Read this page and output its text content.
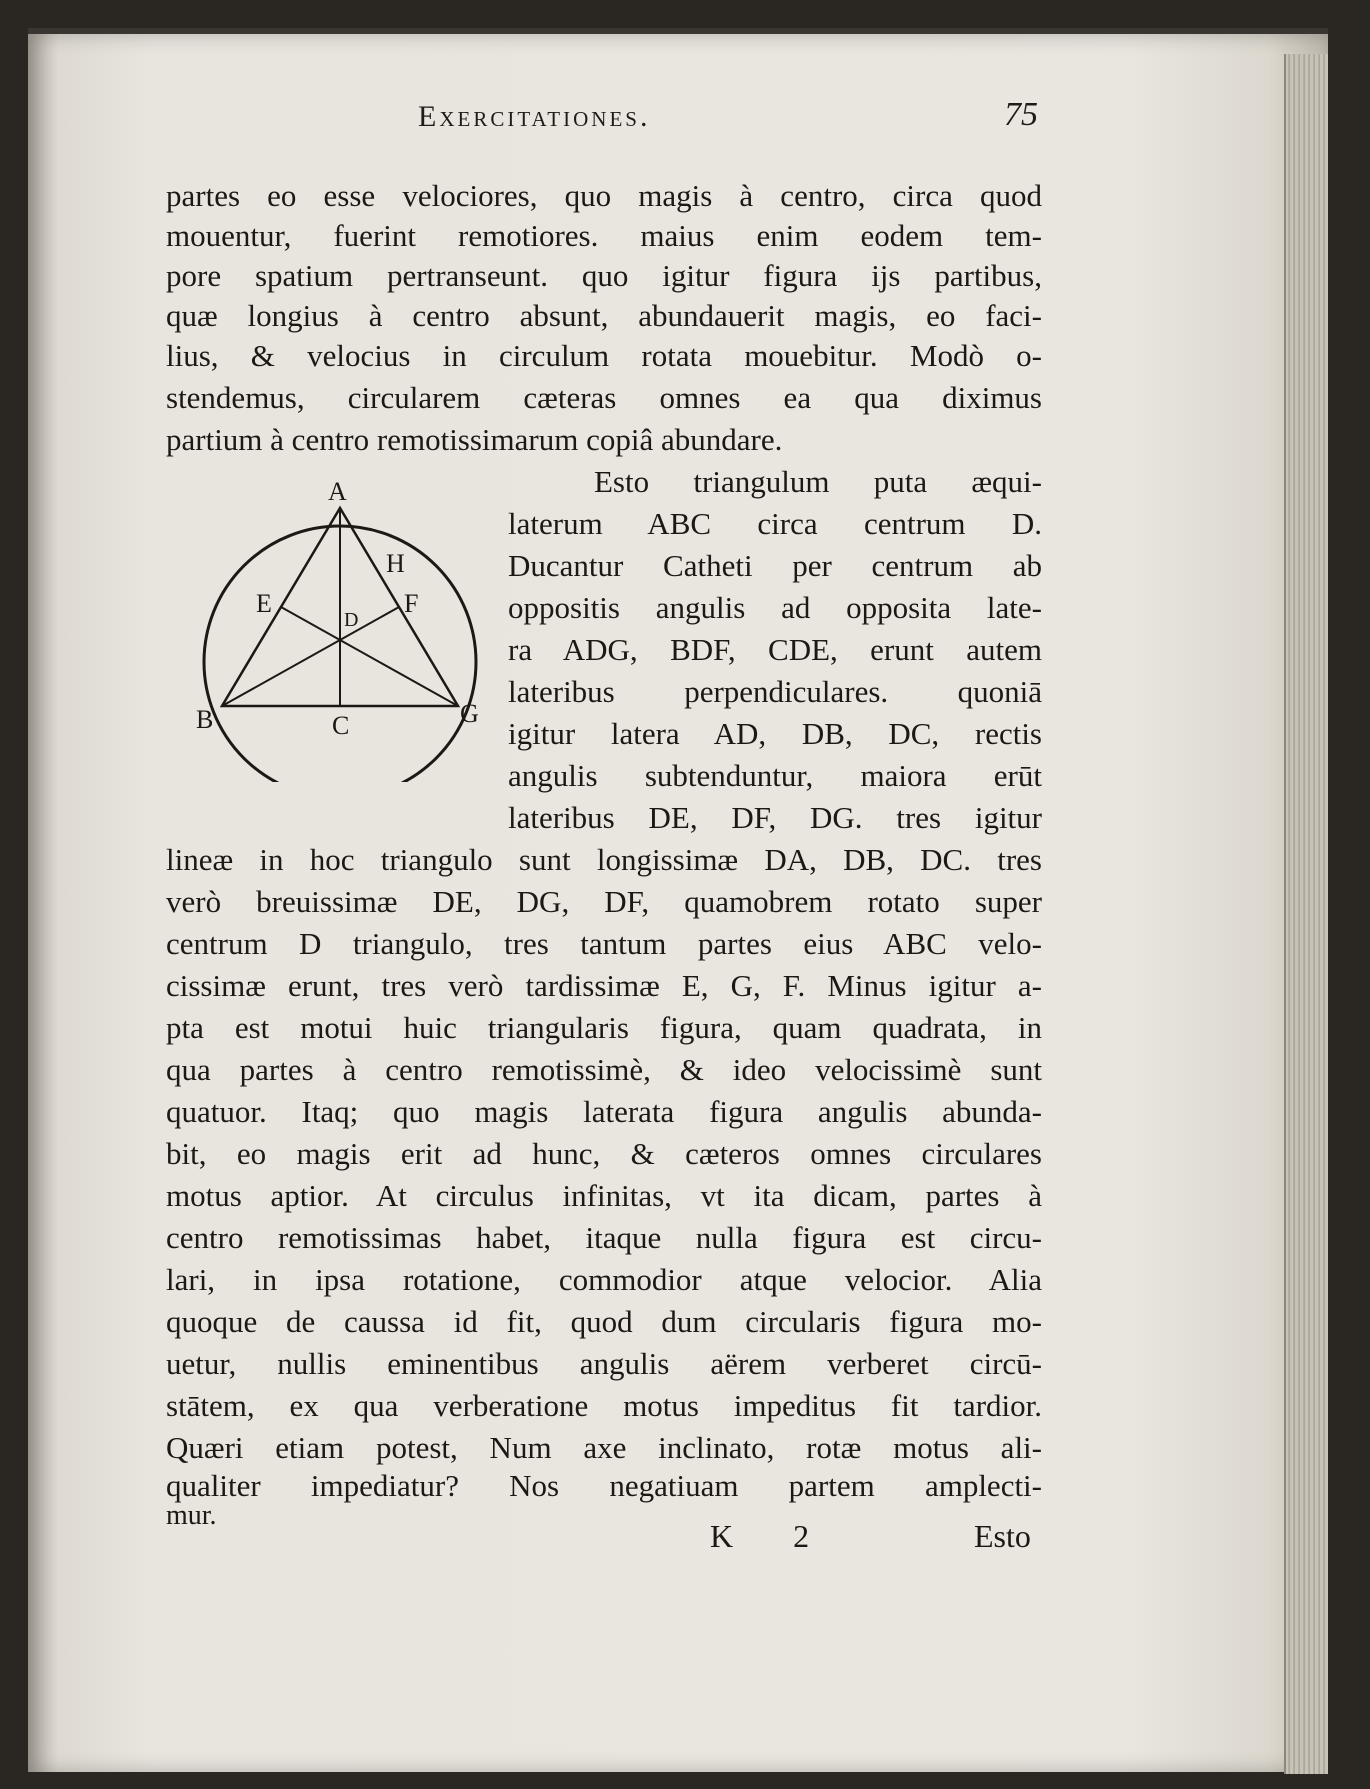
Exercitationes.	75
partes eo esse velociores, quo magis à centro, circa quod
mouentur, fuerint remotiores. maius enim eodem tem-
pore spatium pertranseunt. quo igitur figura ijs partibus,
quæ longius à centro absunt, abundauerit magis, eo faci-
lius, & velocius in circulum rotata mouebitur. Modò o-
stendemus, circularem cæteras omnes ea qua diximus
partium à centro remotissimarum copiâ abundare.
Esto triangulum puta æqui-
laterum ABC circa centrum D.
Ducantur Catheti per centrum ab
oppositis angulis ad opposita late-
ra ADG, BDF, CDE, erunt autem
lateribus perpendiculares. quoniā
igitur latera AD, DB, DC, rectis
angulis subtenduntur, maiora erūt
lateribus DE, DF, DG. tres igitur
A
B	C
D
E	F
G
H
lineæ in hoc triangulo sunt longissimæ DA, DB, DC. tres
verò breuissimæ DE, DG, DF, quamobrem rotato super
centrum D triangulo, tres tantum partes eius ABC velo-
cissimæ erunt, tres verò tardissimæ E, G, F. Minus igitur a-
pta est motui huic triangularis figura, quam quadrata, in
qua partes à centro remotissimè, & ideo velocissimè sunt
quatuor. Itaq; quo magis laterata figura angulis abunda-
bit, eo magis erit ad hunc, & cæteros omnes circulares
motus aptior. At circulus infinitas, vt ita dicam, partes à
centro remotissimas habet, itaque nulla figura est circu-
lari, in ipsa rotatione, commodior atque velocior. Alia
quoque de caussa id fit, quod dum circularis figura mo-
uetur, nullis eminentibus angulis aërem verberet circū-
stātem, ex qua verberatione motus impeditus fit tardior.
Quæri etiam potest, Num axe inclinato, rotæ motus ali-
qualiter impediatur? Nos negatiuam partem amplecti-
mur.
K 2	Esto
